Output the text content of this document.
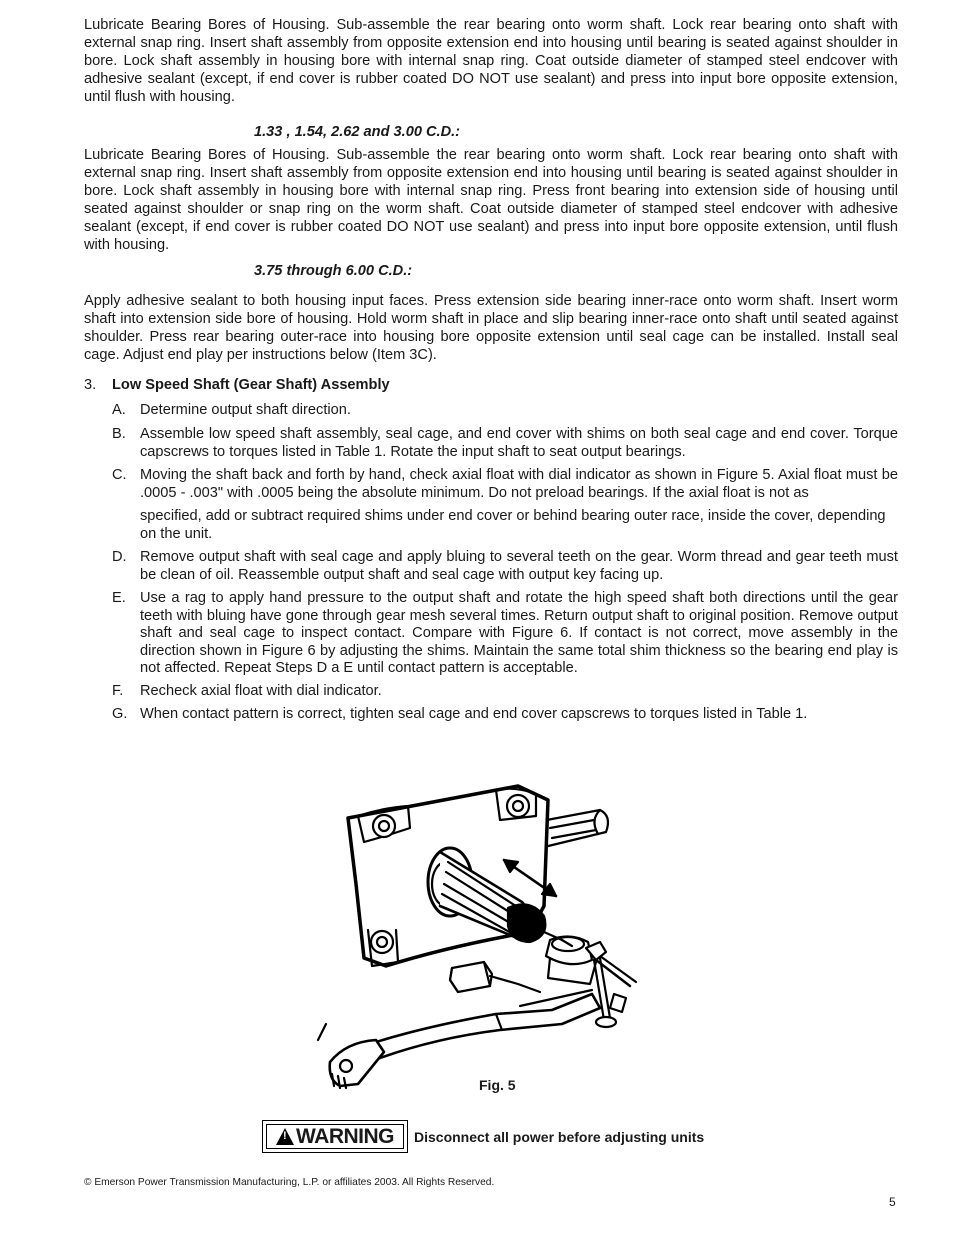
Lubricate Bearing Bores of Housing. Sub-assemble the rear bearing onto worm shaft. Lock rear bearing onto shaft with external snap ring. Insert shaft assembly from opposite extension end into housing until bearing is seated against shoulder in bore. Lock shaft assembly in housing bore with internal snap ring. Coat outside diameter of stamped steel endcover with adhesive sealant (except, if end cover is rubber coated DO NOT use sealant) and press into input bore opposite extension, until flush with housing.

1.33 , 1.54, 2.62 and 3.00 C.D.:

Lubricate Bearing Bores of Housing. Sub-assemble the rear bearing onto worm shaft. Lock rear bearing onto shaft with external snap ring. Insert shaft assembly from opposite extension end into housing until bearing is seated against shoulder in bore. Lock shaft assembly in housing bore with internal snap ring. Press front bearing into extension side of housing until seated against shoulder or snap ring on the worm shaft. Coat outside diameter of stamped steel endcover with adhesive sealant (except, if end cover is rubber coated DO NOT use sealant) and press into input bore opposite extension, until flush with housing.

3.75 through 6.00 C.D.:

Apply adhesive sealant to both housing input faces. Press extension side bearing inner-race onto worm shaft. Insert worm shaft into extension side bore of housing. Hold worm shaft in place and slip bearing inner-race onto shaft until seated against shoulder. Press rear bearing outer-race into housing bore opposite extension until seal cage can be installed. Install seal cage. Adjust end play per instructions below (Item 3C).

3. Low Speed Shaft (Gear Shaft) Assembly

A. Determine output shaft direction.
B. Assemble low speed shaft assembly, seal cage, and end cover with shims on both seal cage and end cover. Torque capscrews to torques listed in Table 1. Rotate the input shaft to seat output bearings.
C. Moving the shaft back and forth by hand, check axial float with dial indicator as shown in Figure 5. Axial float must be .0005 - .003" with .0005 being the absolute minimum. Do not preload bearings. If the axial float is not as

specified, add or subtract required shims under end cover or behind bearing outer race, inside the cover, depending on the unit.

D. Remove output shaft with seal cage and apply bluing to several teeth on the gear. Worm thread and gear teeth must be clean of oil. Reassemble output shaft and seal cage with output key facing up.
E. Use a rag to apply hand pressure to the output shaft and rotate the high speed shaft both directions until the gear teeth with bluing have gone through gear mesh several times. Return output shaft to original position. Remove output shaft and seal cage to inspect contact. Compare with Figure 6. If contact is not correct, move assembly in the direction shown in Figure 6 by adjusting the shims. Maintain the same total shim thickness so the bearing end play is not affected. Repeat Steps D a E until contact pattern is acceptable.
F.	Recheck axial float with dial indicator.
G. When contact pattern is correct, tighten seal cage and end cover capscrews to torques listed in Table 1.
Fig. 5
!
WARNING Disconnect all power before adjusting units
© Emerson Power Transmission Manufacturing, L.P. or affiliates 2003. All Rights Reserved.
5
